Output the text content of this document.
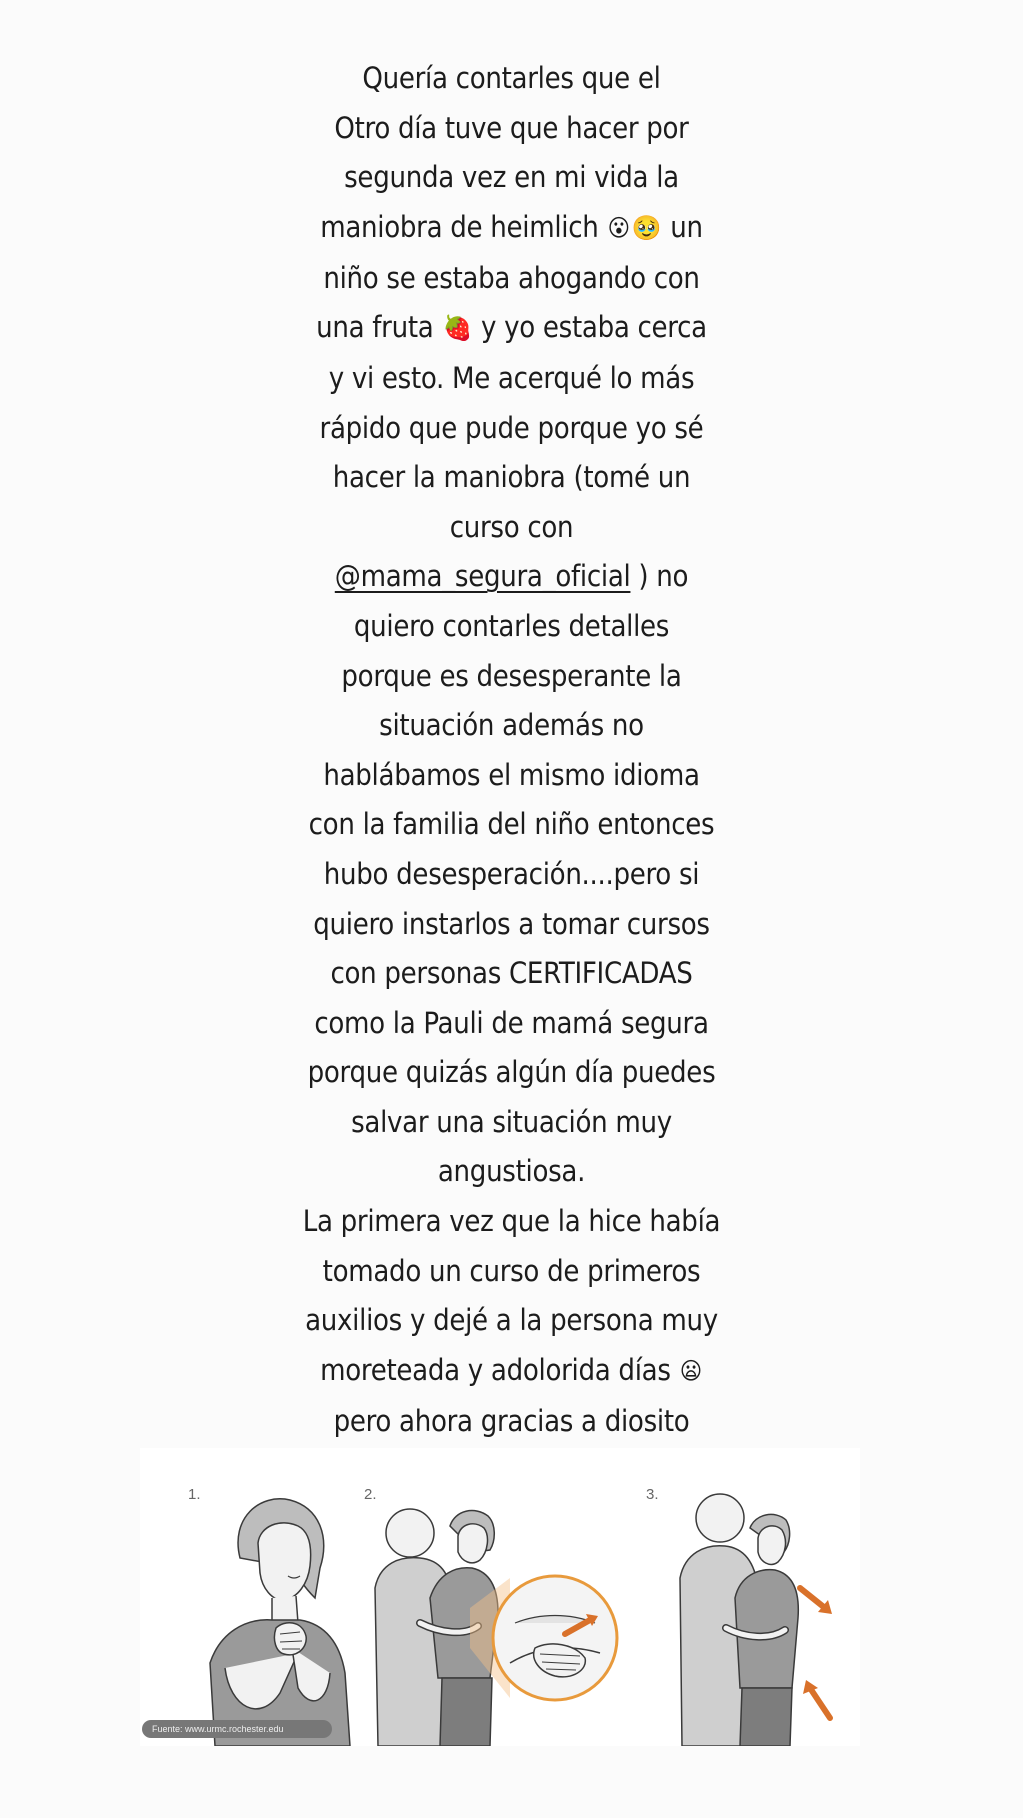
Quería contarles que el
Otro día tuve que hacer por
segunda vez en mi vida la
maniobra de heimlich 😮🥹 un
niño se estaba ahogando con
una fruta 🍓 y yo estaba cerca
y vi esto. Me acerqué lo más
rápido que pude porque yo sé
hacer la maniobra (tomé un
curso con
@mama_segura_oficial ) no
quiero contarles detalles
porque es desesperante la
situación además no
hablábamos el mismo idioma
con la familia del niño entonces
hubo desesperación....pero si
quiero instarlos a tomar cursos
con personas CERTIFICADAS
como la Pauli de mamá segura
porque quizás algún día puedes
salvar una situación muy
angustiosa.
La primera vez que la hice había
tomado un curso de primeros
auxilios y dejé a la persona muy
moreteada y adolorida días 😦
pero ahora gracias a diosito
1.	2.	3.
Fuente: www.urmc.rochester.edu
